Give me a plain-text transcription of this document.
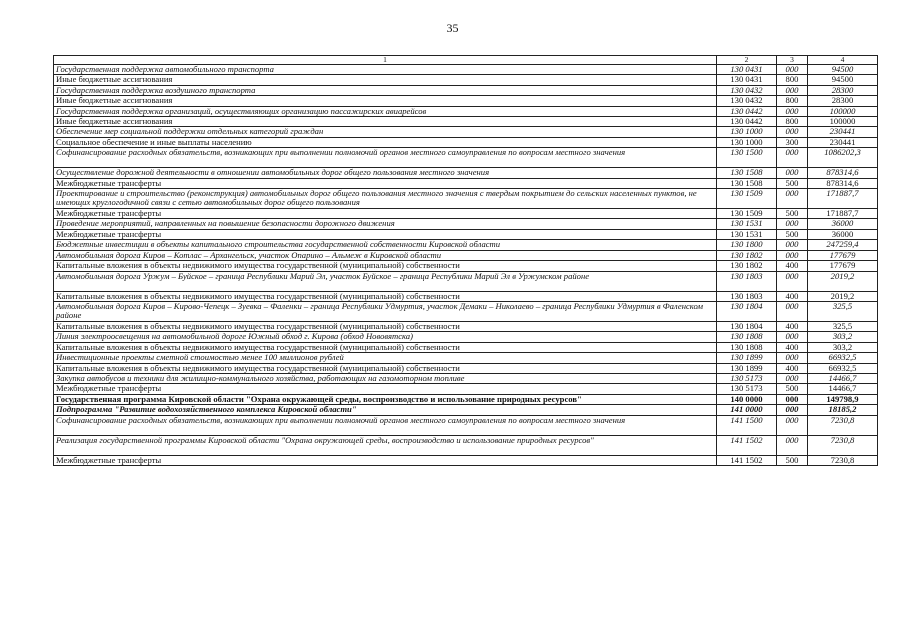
35
1	2	3	4
Государственная поддержка автомобильного транспорта	130 0431	000	94500
Иные бюджетные ассигнования	130 0431	800	94500
Государственная поддержка воздушного транспорта	130 0432	000	28300
Иные бюджетные ассигнования	130 0432	800	28300
Государственная поддержка организаций, осуществляющих организацию пассажирских авиарейсов	130 0442	000	100000
Иные бюджетные ассигнования	130 0442	800	100000
Обеспечение мер социальной поддержки отдельных категорий граждан	130 1000	000	230441
Социальное обеспечение и иные выплаты населению	130 1000	300	230441
Софинансирование расходных обязательств, возникающих при выполнении полномочий органов местного самоуправления по вопросам местного значения	130 1500	000	1086202,3
Осуществление дорожной деятельности в отношении автомобильных дорог общего пользования местного значения	130 1508	000	878314,6
Межбюджетные трансферты	130 1508	500	878314,6
Проектирование и строительство (реконструкция) автомобильных дорог общего пользования местного значения с твердым покрытием до сельских населенных пунктов, не имеющих круглогодичной связи с сетью автомобильных дорог общего пользования	130 1509	000	171887,7
Межбюджетные трансферты	130 1509	500	171887,7
Проведение мероприятий, направленных на повышение безопасности дорожного движения	130 1531	000	36000
Межбюджетные трансферты	130 1531	500	36000
Бюджетные инвестиции в объекты капитального строительства государственной собственности Кировской области	130 1800	000	247259,4
Автомобильная дорога Киров – Котлас – Архангельск, участок Опарино – Альмеж в Кировской области	130 1802	000	177679
Капитальные вложения в объекты недвижимого имущества государственной (муниципальной) собственности	130 1802	400	177679
Автомобильная дорога Уржум – Буйское – граница Республики Марий Эл, участок Буйское – граница Республики Марий Эл в Уржумском районе	130 1803	000	2019,2
Капитальные вложения в объекты недвижимого имущества государственной (муниципальной) собственности	130 1803	400	2019,2
Автомобильная дорога Киров – Кирово-Чепецк – Зуевка – Фаленки – граница Республики Удмуртия, участок Демаки – Николаево – граница Республики Удмуртия в Фаленском районе	130 1804	000	325,5
Капитальные вложения в объекты недвижимого имущества государственной (муниципальной) собственности	130 1804	400	325,5
Линия электроосвещения на автомобильной дороге Южный обход г. Кирова (обход Нововятска)	130 1808	000	303,2
Капитальные вложения в объекты недвижимого имущества государственной (муниципальной) собственности	130 1808	400	303,2
Инвестиционные проекты сметной стоимостью менее 100 миллионов рублей	130 1899	000	66932,5
Капитальные вложения в объекты недвижимого имущества государственной (муниципальной) собственности	130 1899	400	66932,5
Закупка автобусов и техники для жилищно-коммунального хозяйства, работающих на газомоторном топливе	130 5173	000	14466,7
Межбюджетные трансферты	130 5173	500	14466,7
Государственная программа Кировской области "Охрана окружающей среды, воспроизводство и использование природных ресурсов"	140 0000	000	149798,9
Подпрограмма "Развитие водохозяйственного комплекса Кировской области"	141 0000	000	18185,2
Софинансирование расходных обязательств, возникающих при выполнении полномочий органов местного самоуправления по вопросам местного значения	141 1500	000	7230,8
Реализация государственной программы Кировской области "Охрана окружающей среды, воспроизводство и использование природных ресурсов"	141 1502	000	7230,8
Межбюджетные трансферты	141 1502	500	7230,8
